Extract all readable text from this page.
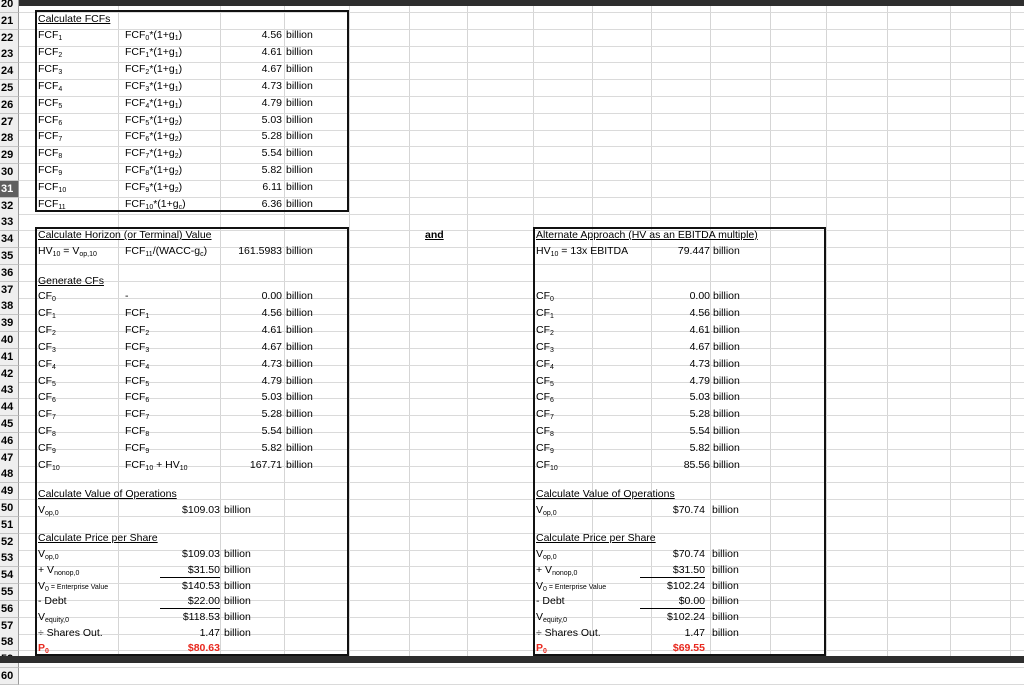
20
21
22
23
24
25
26
27
28
29
30
31
32
33
34
35
36
37
38
39
40
41
42
43
44
45
46
47
48
49
50
51
52
53
54
55
56
57
58
60
Calculate FCFs
$FCF_1$	$FCF_0*(1+g_1)$	4.56 billion
$FCF_2$	$FCF_1*(1+g_1)$	4.61 billion
$FCF_3$	$FCF_2*(1+g_1)$	4.67 billion
$FCF_4$	$FCF_3*(1+g_1)$	4.73 billion
$FCF_5$	$FCF_4*(1+g_1)$	4.79 billion
$FCF_6$	$FCF_5*(1+g_2)$	5.03 billion
$FCF_7$	$FCF_6*(1+g_2)$	5.28 billion
$FCF_8$	$FCF_7*(1+g_2)$	5.54 billion
$FCF_9$	$FCF_8*(1+g_2)$	5.82 billion
$FCF_{10}$	$FCF_9*(1+g_2)$	6.11 billion
$FCF_{11}$	$FCF_{10}*(1+g_c)$	6.36 billion
and
Calculate Horizon (or Terminal) Value
$HV_{10} = V_{op,10}$	$FCF_{11}/(WACC-g_c)$	161.5983 billion
Generate CFs
$CF_0$	-	0.00 billion
$CF_1$	$FCF_1$	4.56 billion
$CF_2$	$FCF_2$	4.61 billion
$CF_3$	$FCF_3$	4.67 billion
$CF_4$	$FCF_4$	4.73 billion
$CF_5$	$FCF_5$	4.79 billion
$CF_6$	$FCF_6$	5.03 billion
$CF_7$	$FCF_7$	5.28 billion
$CF_8$	$FCF_8$	5.54 billion
$CF_9$	$FCF_9$	5.82 billion
$CF_{10}$	$FCF_{10} + HV_{10}$	167.71 billion
Calculate Value of Operations
$V_{op,0}$	$109.03 billion
Calculate Price per Share
$V_{op,0}$	$109.03 billion
+ $V_{nonop,0}$	$31.50 billion
$V_0$ = Enterprise Value	$140.53 billion
- Debt	$22.00 billion
$V_{equity,0}$	$118.53 billion
÷ Shares Out.	1.47 billion
$P_0$	$80.63
Alternate Approach (HV as an EBITDA multiple)
$HV_{10} = 13x$ EBITDA	79.447 billion
$CF_0$	0.00 billion
$CF_1$	4.56 billion
$CF_2$	4.61 billion
$CF_3$	4.67 billion
$CF_4$	4.73 billion
$CF_5$	4.79 billion
$CF_6$	5.03 billion
$CF_7$	5.28 billion
$CF_8$	5.54 billion
$CF_9$	5.82 billion
$CF_{10}$	85.56 billion
Calculate Value of Operations
$V_{op,0}$	$70.74 billion
Calculate Price per Share
$V_{op,0}$	$70.74 billion
+ $V_{nonop,0}$	$31.50 billion
$V_0$ = Enterprise Value	$102.24 billion
- Debt	$0.00 billion
$V_{equity,0}$	$102.24 billion
÷ Shares Out.	1.47 billion
$P_0$	$69.55
